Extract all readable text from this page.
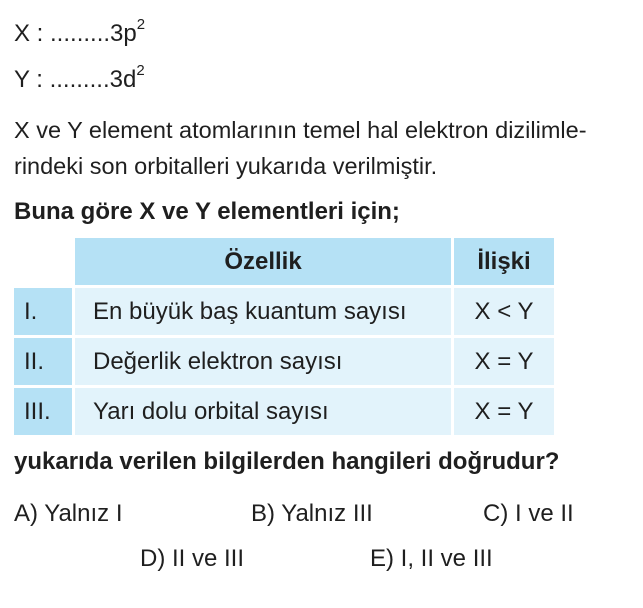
X : $.........3p^2$
Y : $.........3d^2$
X ve Y element atomlarının temel hal elektron dizilimle-
rindeki son orbitalleri yukarıda verilmiştir.
Buna göre X ve Y elementleri için;
	Özellik	İlişki
I.	En büyük baş kuantum sayısı	X < Y
II.	Değerlik elektron sayısı	X = Y
III.	Yarı dolu orbital sayısı	X = Y
yukarıda verilen bilgilerden hangileri doğrudur?
A) Yalnız I	B) Yalnız III	C) I ve II
D) II ve III	E) I, II ve III
